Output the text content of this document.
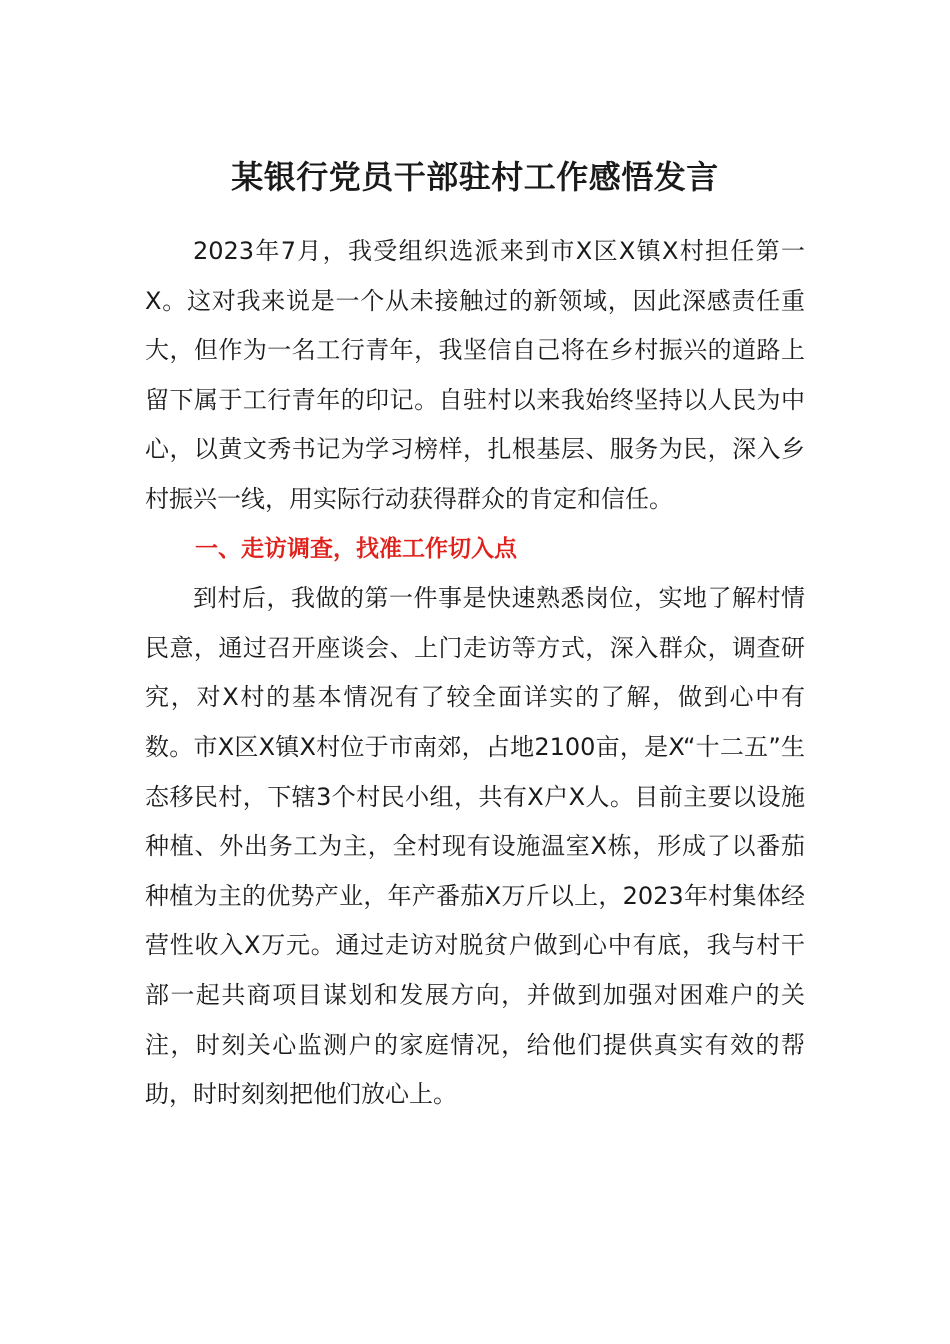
某银行党员干部驻村工作感悟发言

2023年7月，我受组织选派来到市X区X镇X村担任第一X。这对我来说是一个从未接触过的新领域，因此深感责任重大，但作为一名工行青年，我坚信自己将在乡村振兴的道路上留下属于工行青年的印记。自驻村以来我始终坚持以人民为中心，以黄文秀书记为学习榜样，扎根基层、服务为民，深入乡村振兴一线，用实际行动获得群众的肯定和信任。

一、走访调查，找准工作切入点

到村后，我做的第一件事是快速熟悉岗位，实地了解村情民意，通过召开座谈会、上门走访等方式，深入群众，调查研究，对X村的基本情况有了较全面详实的了解，做到心中有数。市X区X镇X村位于市南郊，占地2100亩，是X“十二五”生态移民村，下辖3个村民小组，共有X户X人。目前主要以设施种植、外出务工为主，全村现有设施温室X栋，形成了以番茄种植为主的优势产业，年产番茄X万斤以上，2023年村集体经营性收入X万元。通过走访对脱贫户做到心中有底，我与村干部一起共商项目谋划和发展方向，并做到加强对困难户的关注，时刻关心监测户的家庭情况，给他们提供真实有效的帮助，时时刻刻把他们放心上。
